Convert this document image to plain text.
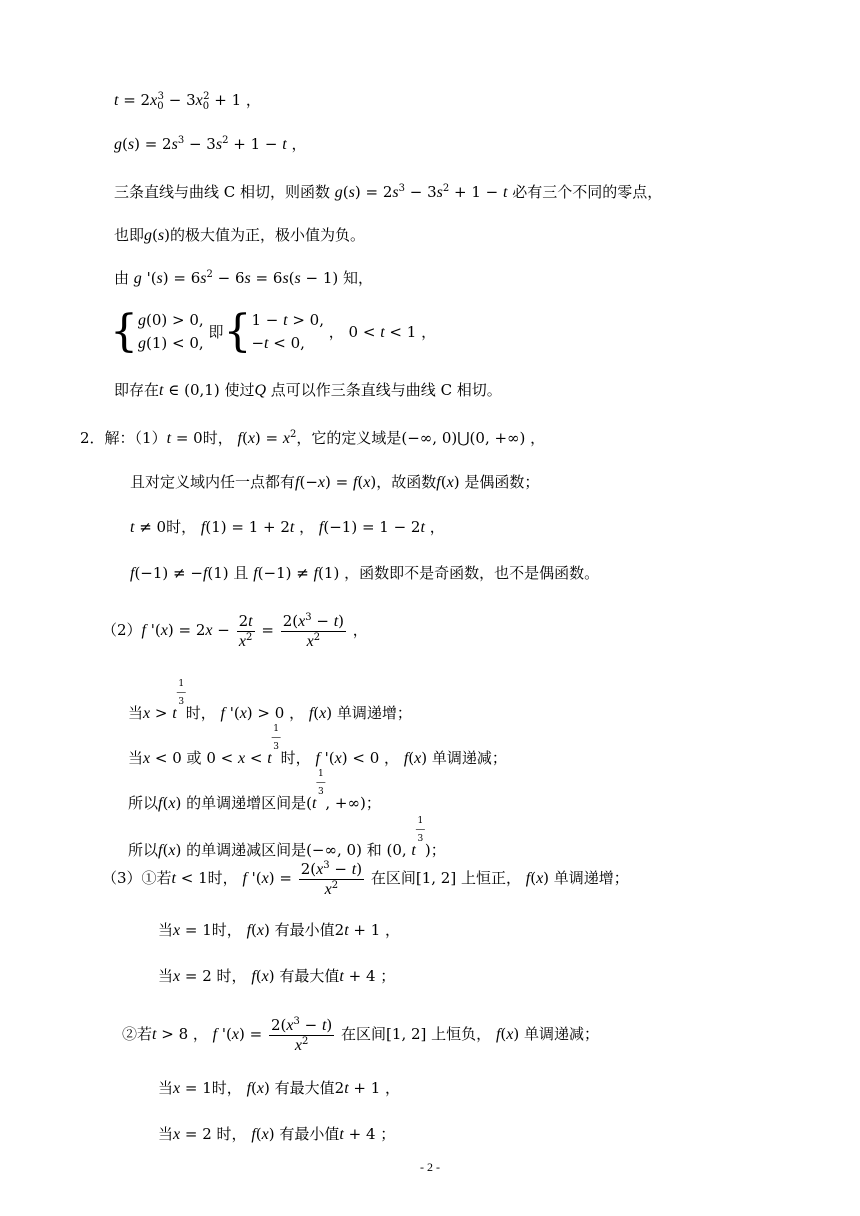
$t = 2x_0^3 - 3x_0^2 + 1$ ，
$g(s) = 2s^3 - 3s^2 + 1 - t$ ，
三条直线与曲线 C 相切，则函数 $g(s) = 2s^3 - 3s^2 + 1 - t$ 必有三个不同的零点，
也即g(s)的极大值为正，极小值为负。
由 g '$(s) = 6s^2 - 6s = 6s(s - 1)$ 知，
{ g(0) > 0,
g(1) < 0,
即{ 1 − t > 0,
−t < 0,
， 0 < t < 1 ，
即存在t ∈ (0,1) 使过Q 点可以作三条直线与曲线 C 相切。
2．解：（1）t = 0时， $f(x) = x^2$，它的定义域是(−∞, 0)⋃(0, +∞) ，
且对定义域内任一点都有f(−x) = f(x)，故函数f(x) 是偶函数；
t ≠ 0时， f(1) = 1 + 2t ， f(−1) = 1 − 2t ，
f(−1) ≠ −f(1) 且 f(−1) ≠ f(1) ，函数即不是奇函数，也不是偶函数。
（2）f '$(x) = 2x - \frac{2t}{x^2} = \frac{2(x^3 - t)}{x^2}$ ，
当$x > t^{1 ― 3}$时， f '(x) > 0 ， f(x) 单调递增；
当x < 0 或 $0 < x < t^{1 ― 3}$时， f '(x) < 0 ， f(x) 单调递减；
所以f(x) 的单调递增区间是($t^{1 ― 3}$, +∞)；
所以f(x) 的单调递减区间是(−∞, 0) 和 (0, $t^{1 ― 3}$)；
（3）①若t < 1时， f '$(x) = \frac{2(x^3 - t)}{x^2}$ 在区间[1, 2] 上恒正， f(x) 单调递增；
当x = 1时， f(x) 有最小值2t + 1 ，
当x = 2 时， f(x) 有最大值t + 4 ；
②若t > 8 ， f '$(x) = \frac{2(x^3 - t)}{x^2}$ 在区间[1, 2] 上恒负， f(x) 单调递减；
当x = 1时， f(x) 有最大值2t + 1 ，
当x = 2 时， f(x) 有最小值t + 4 ；
- 2 -
